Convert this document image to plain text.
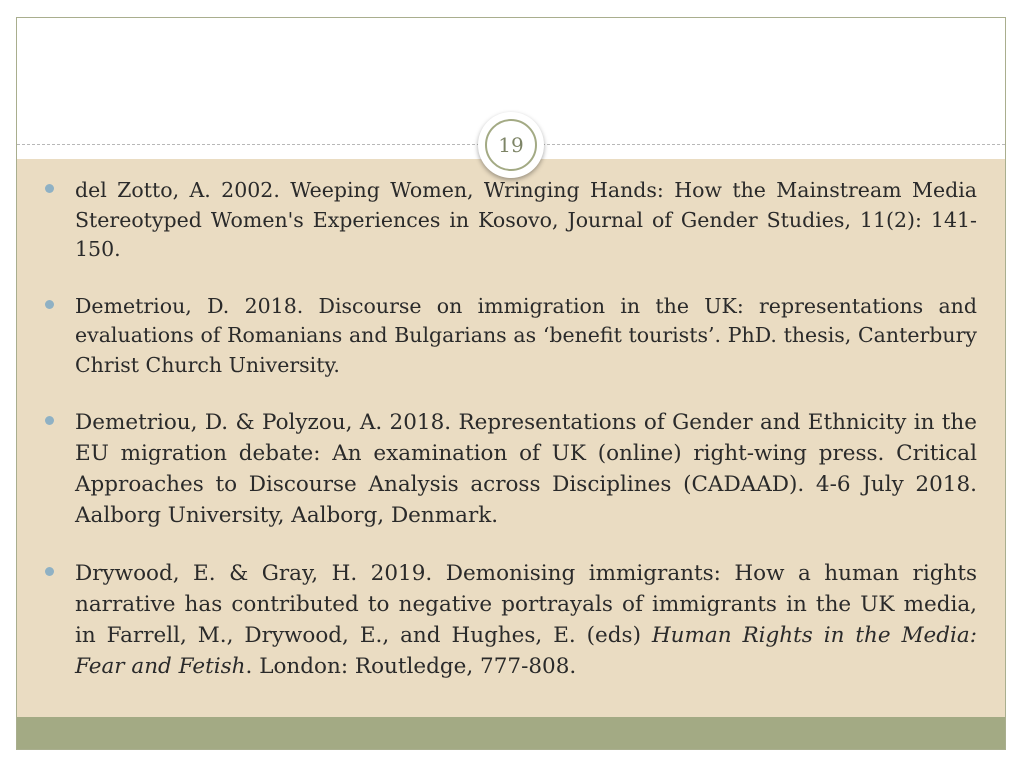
19
del Zotto, A. 2002. Weeping Women, Wringing Hands: How the Mainstream Media Stereotyped Women's Experiences in Kosovo, Journal of Gender Studies, 11(2): 141-150.
Demetriou, D. 2018. Discourse on immigration in the UK: representations and evaluations of Romanians and Bulgarians as ‘benefit tourists’. PhD. thesis, Canterbury Christ Church University.
Demetriou, D. & Polyzou, A. 2018. Representations of Gender and Ethnicity in the EU migration debate: An examination of UK (online) right-wing press. Critical Approaches to Discourse Analysis across Disciplines (CADAAD). 4-6 July 2018. Aalborg University, Aalborg, Denmark.
Drywood, E. & Gray, H. 2019. Demonising immigrants: How a human rights narrative has contributed to negative portrayals of immigrants in the UK media, in Farrell, M., Drywood, E., and Hughes, E. (eds) Human Rights in the Media: Fear and Fetish. London: Routledge, 777-808.
